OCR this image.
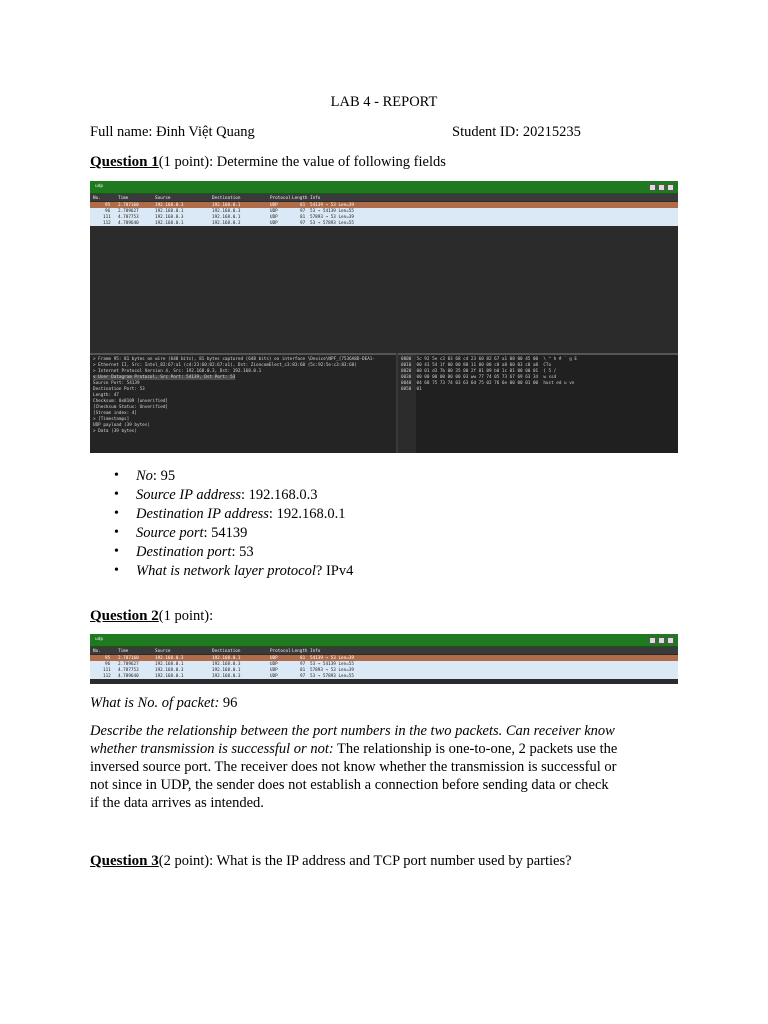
LAB 4 - REPORT
Full name: Đinh Việt Quang	Student ID: 20215235
Question 1(1 point): Determine the value of following fields
udp
No.	Time	Source	Destination	Protocol Length Info
95 2.787160	192.168.0.3	192.168.0.1	UDP	81 54139 → 53 Len=39
96 2.789627	192.168.0.1	192.168.0.3	UDP	97 53 → 54139 Len=55
111 4.787753	192.168.0.3	192.168.0.1	UDP	81 57893 → 53 Len=39
112 4.789640	192.168.0.1	192.168.0.3	UDP	97 53 → 57893 Len=55
> Frame 95: 81 bytes on wire (648 bits), 81 bytes captured (648 bits) on interface \Device\NPF_{7536A8D-DEA1-
> Ethernet II, Src: Intel_82:67:a1 (c4:23:60:82:67:a1), Dst: ZioncomElect_c3:83:68 (5c:92:5e:c3:83:68)
> Internet Protocol Version 4, Src: 192.168.0.3, Dst: 192.168.0.1
v User Datagram Protocol, Src Port: 54139, Dst Port: 53
Source Port: 54139
Destination Port: 53
Length: 47
Checksum: 0x8109 [unverified]
[Checksum Status: Unverified]
[Stream index: 4]
> [Timestamps]
UDP payload (39 bytes)
> Data (39 bytes)
0000 5c 92 5e c3 83 68 c4 23 60 82 67 a1 08 00 45 00 \ ^ h # ` g E
0010 00 43 54 1f 00 00 80 11 00 00 c0 a8 00 03 c0 a8 CTo
0020 00 01 d3 7b 00 35 00 2f 81 09 b0 1c 01 00 00 01 { 5 /
0030 00 00 00 00 00 00 03 ww 77 74 05 73 67 69 63 34 w ss4
0040 04 68 75 73 74 03 63 6d 75 02 76 6e 00 00 01 00 hust ed u vn
0050 01
• No: 95
• Source IP address: 192.168.0.3
• Destination IP address: 192.168.0.1
• Source port: 54139
• Destination port: 53
• What is network layer protocol? IPv4
Question 2(1 point):
udp
No.	Time	Source	Destination	Protocol Length Info
95 2.787160	192.168.0.3	192.168.0.1	UDP	81 54139 → 53 Len=39
96 2.789627	192.168.0.1	192.168.0.3	UDP	97 53 → 54139 Len=55
111 4.787753	192.168.0.3	192.168.0.1	UDP	81 57893 → 53 Len=39
112 4.789640	192.168.0.1	192.168.0.3	UDP	97 53 → 57893 Len=55
What is No. of packet: 96
Describe the relationship between the port numbers in the two packets. Can receiver know whether transmission is successful or not: The relationship is one-to-one, 2 packets use the inversed source port. The receiver does not know whether the transmission is successful or not since in UDP, the sender does not establish a connection before sending data or check if the data arrives as intended.
Question 3(2 point): What is the IP address and TCP port number used by parties?
